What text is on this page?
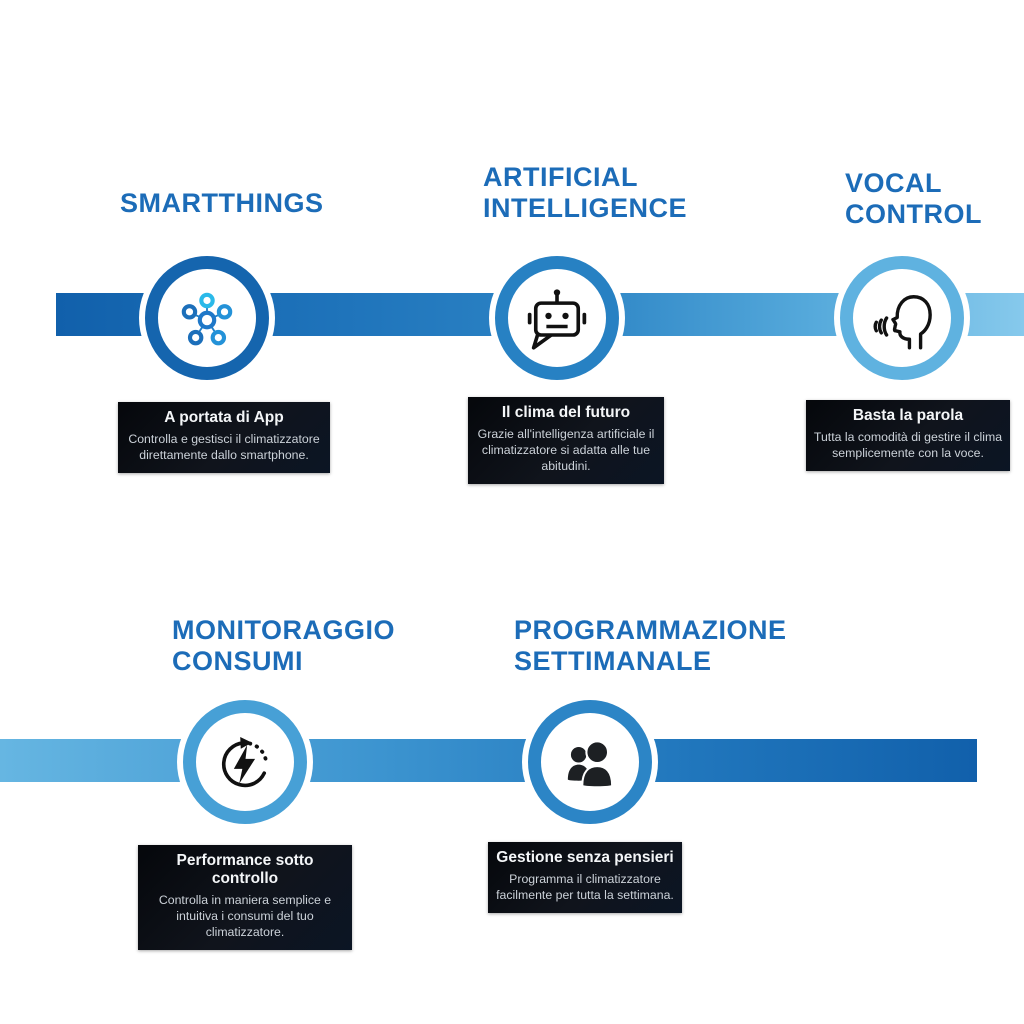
SMARTTHINGS
ARTIFICIAL INTELLIGENCE
VOCAL CONTROL
A portata di App
Controlla e gestisci il climatizzatore direttamente dallo smartphone.
Il clima del futuro
Grazie all'intelligenza artificiale il climatizzatore si adatta alle tue abitudini.
Basta la parola
Tutta la comodità di gestire il clima semplicemente con la voce.
MONITORAGGIO CONSUMI
PROGRAMMAZIONE SETTIMANALE
Performance sotto controllo
Controlla in maniera semplice e intuitiva i consumi del tuo climatizzatore.
Gestione senza pensieri
Programma il climatizzatore facilmente per tutta la settimana.
